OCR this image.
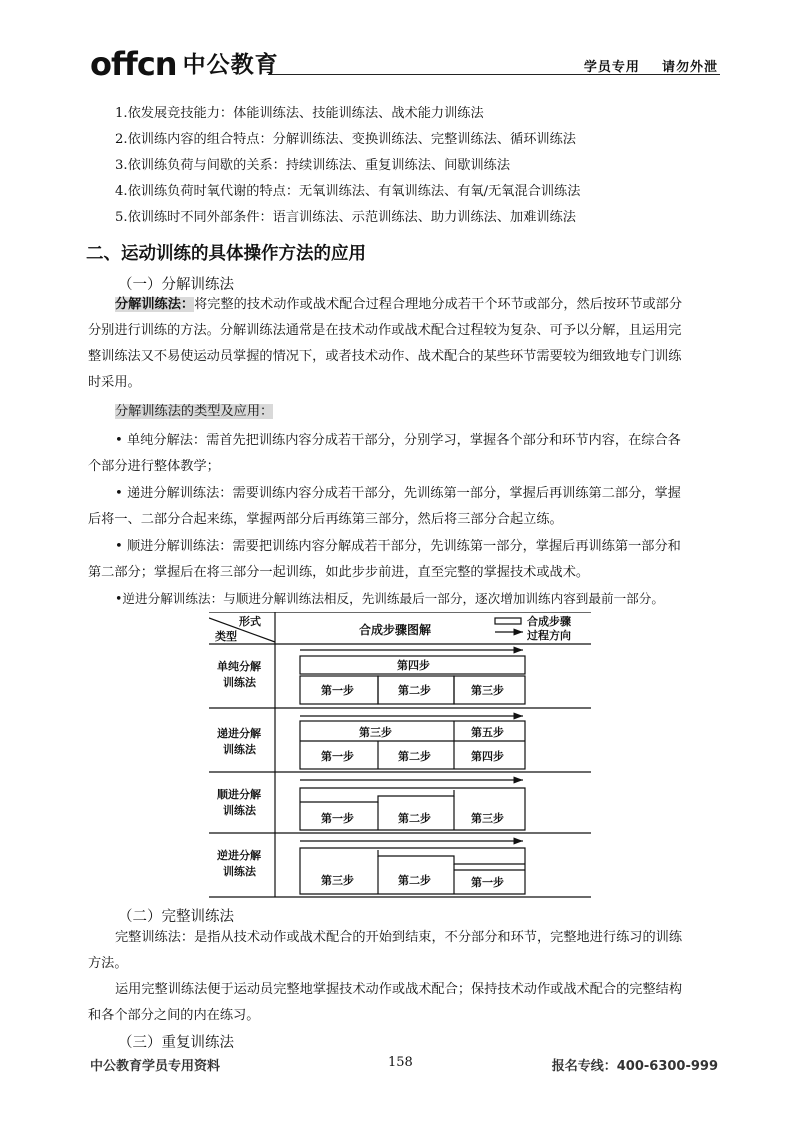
offcn 中公教育	学员专用 请勿外泄
1.依发展竞技能力：体能训练法、技能训练法、战术能力训练法
2.依训练内容的组合特点：分解训练法、变换训练法、完整训练法、循环训练法
3.依训练负荷与间歇的关系：持续训练法、重复训练法、间歇训练法
4.依训练负荷时氧代谢的特点：无氧训练法、有氧训练法、有氧/无氧混合训练法
5.依训练时不同外部条件：语言训练法、示范训练法、助力训练法、加难训练法
二、运动训练的具体操作方法的应用
（一）分解训练法
分解训练法：将完整的技术动作或战术配合过程合理地分成若干个环节或部分，然后按环节或部分
分别进行训练的方法。分解训练法通常是在技术动作或战术配合过程较为复杂、可予以分解，且运用完
整训练法又不易使运动员掌握的情况下，或者技术动作、战术配合的某些环节需要较为细致地专门训练
时采用。
分解训练法的类型及应用：
• 单纯分解法：需首先把训练内容分成若干部分，分别学习，掌握各个部分和环节内容，在综合各
个部分进行整体教学；
• 递进分解训练法：需要训练内容分成若干部分，先训练第一部分，掌握后再训练第二部分，掌握
后将一、二部分合起来练，掌握两部分后再练第三部分，然后将三部分合起立练。
• 顺进分解训练法：需要把训练内容分解成若干部分，先训练第一部分，掌握后再训练第一部分和
第二部分；掌握后在将三部分一起训练，如此步步前进，直至完整的掌握技术或战术。
•逆进分解训练法：与顺进分解训练法相反，先训练最后一部分，逐次增加训练内容到最前一部分。
形式
类型	合成步骤图解
合成步骤
过程方向
单纯分解
训练法
第四步
第一步	第二步	第三步
递进分解
训练法
第三步	第五步
第一步	第二步	第四步
顺进分解
训练法
第一步	第二步	第三步
逆进分解
训练法
第三步	第二步	第一步
（二）完整训练法
完整训练法：是指从技术动作或战术配合的开始到结束，不分部分和环节，完整地进行练习的训练
方法。
运用完整训练法便于运动员完整地掌握技术动作或战术配合；保持技术动作或战术配合的完整结构
和各个部分之间的内在练习。
（三）重复训练法
中公教育学员专用资料	158	报名专线：400-6300-999
